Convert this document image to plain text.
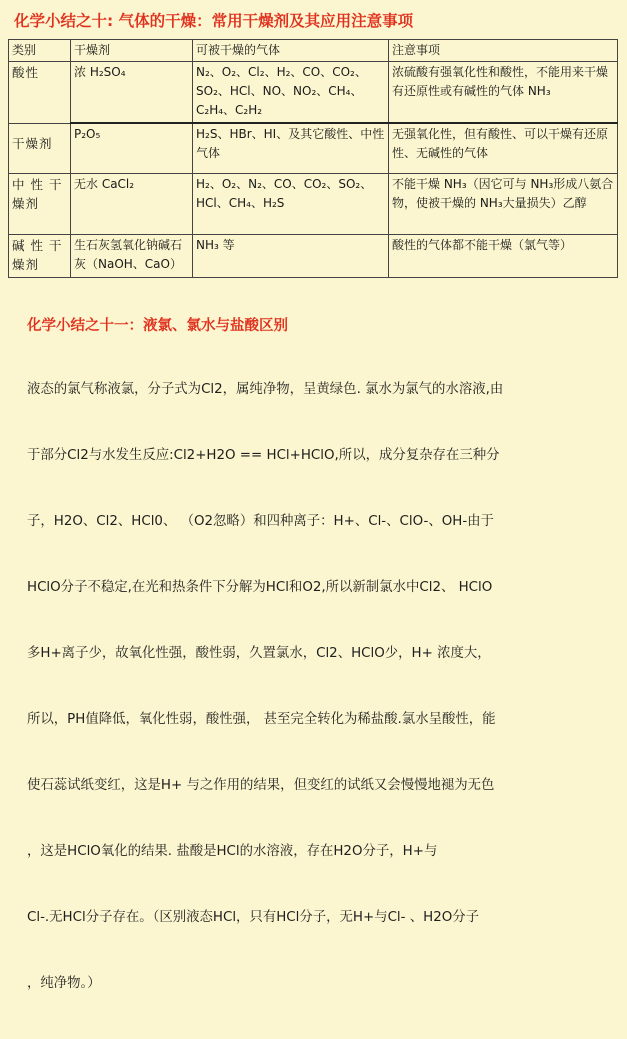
化学小结之十: 气体的干燥：常用干燥剂及其应用注意事项
类别	干燥剂	可被干燥的气体	注意事项
酸性	浓 H₂SO₄	N₂、O₂、Cl₂、H₂、CO、CO₂、SO₂、HCl、NO、NO₂、CH₄、C₂H₄、C₂H₂	浓硫酸有强氧化性和酸性，不能用来干燥有还原性或有碱性的气体 NH₃
干燥剂	P₂O₅	H₂S、HBr、HI、及其它酸性、中性气体	无强氧化性，但有酸性、可以干燥有还原性、无碱性的气体
中 性 干燥剂	无水 CaCl₂	H₂、O₂、N₂、CO、CO₂、SO₂、HCl、CH₄、H₂S	不能干燥 NH₃（因它可与 NH₃形成八氨合物，使被干燥的 NH₃大量损失）乙醇
碱 性 干燥剂	生石灰氢氧化钠碱石灰（NaOH、CaO）	NH₃ 等	酸性的气体都不能干燥（氯气等）
化学小结之十一：液氯、氯水与盐酸区别

液态的氯气称液氯，分子式为Cl2，属纯净物，呈黄绿色. 氯水为氯气的水溶液,由

于部分Cl2与水发生反应:Cl2+H2O == HCl+HClO,所以，成分复杂存在三种分

子，H2O、Cl2、HCl0、 （O2忽略）和四种离子：H+、Cl-、ClO-、OH-由于

HClO分子不稳定,在光和热条件下分解为HCl和O2,所以新制氯水中Cl2、 HClO

多H+离子少，故氧化性强，酸性弱，久置氯水，Cl2、HClO少，H+ 浓度大，

所以，PH值降低，氧化性弱，酸性强， 甚至完全转化为稀盐酸.氯水呈酸性，能

使石蕊试纸变红，这是H+ 与之作用的结果，但变红的试纸又会慢慢地褪为无色

，这是HClO氧化的结果. 盐酸是HCl的水溶液，存在H2O分子，H+与

Cl-.无HCl分子存在。（区别液态HCl，只有HCl分子，无H+与Cl- 、H2O分子

，纯净物。）
